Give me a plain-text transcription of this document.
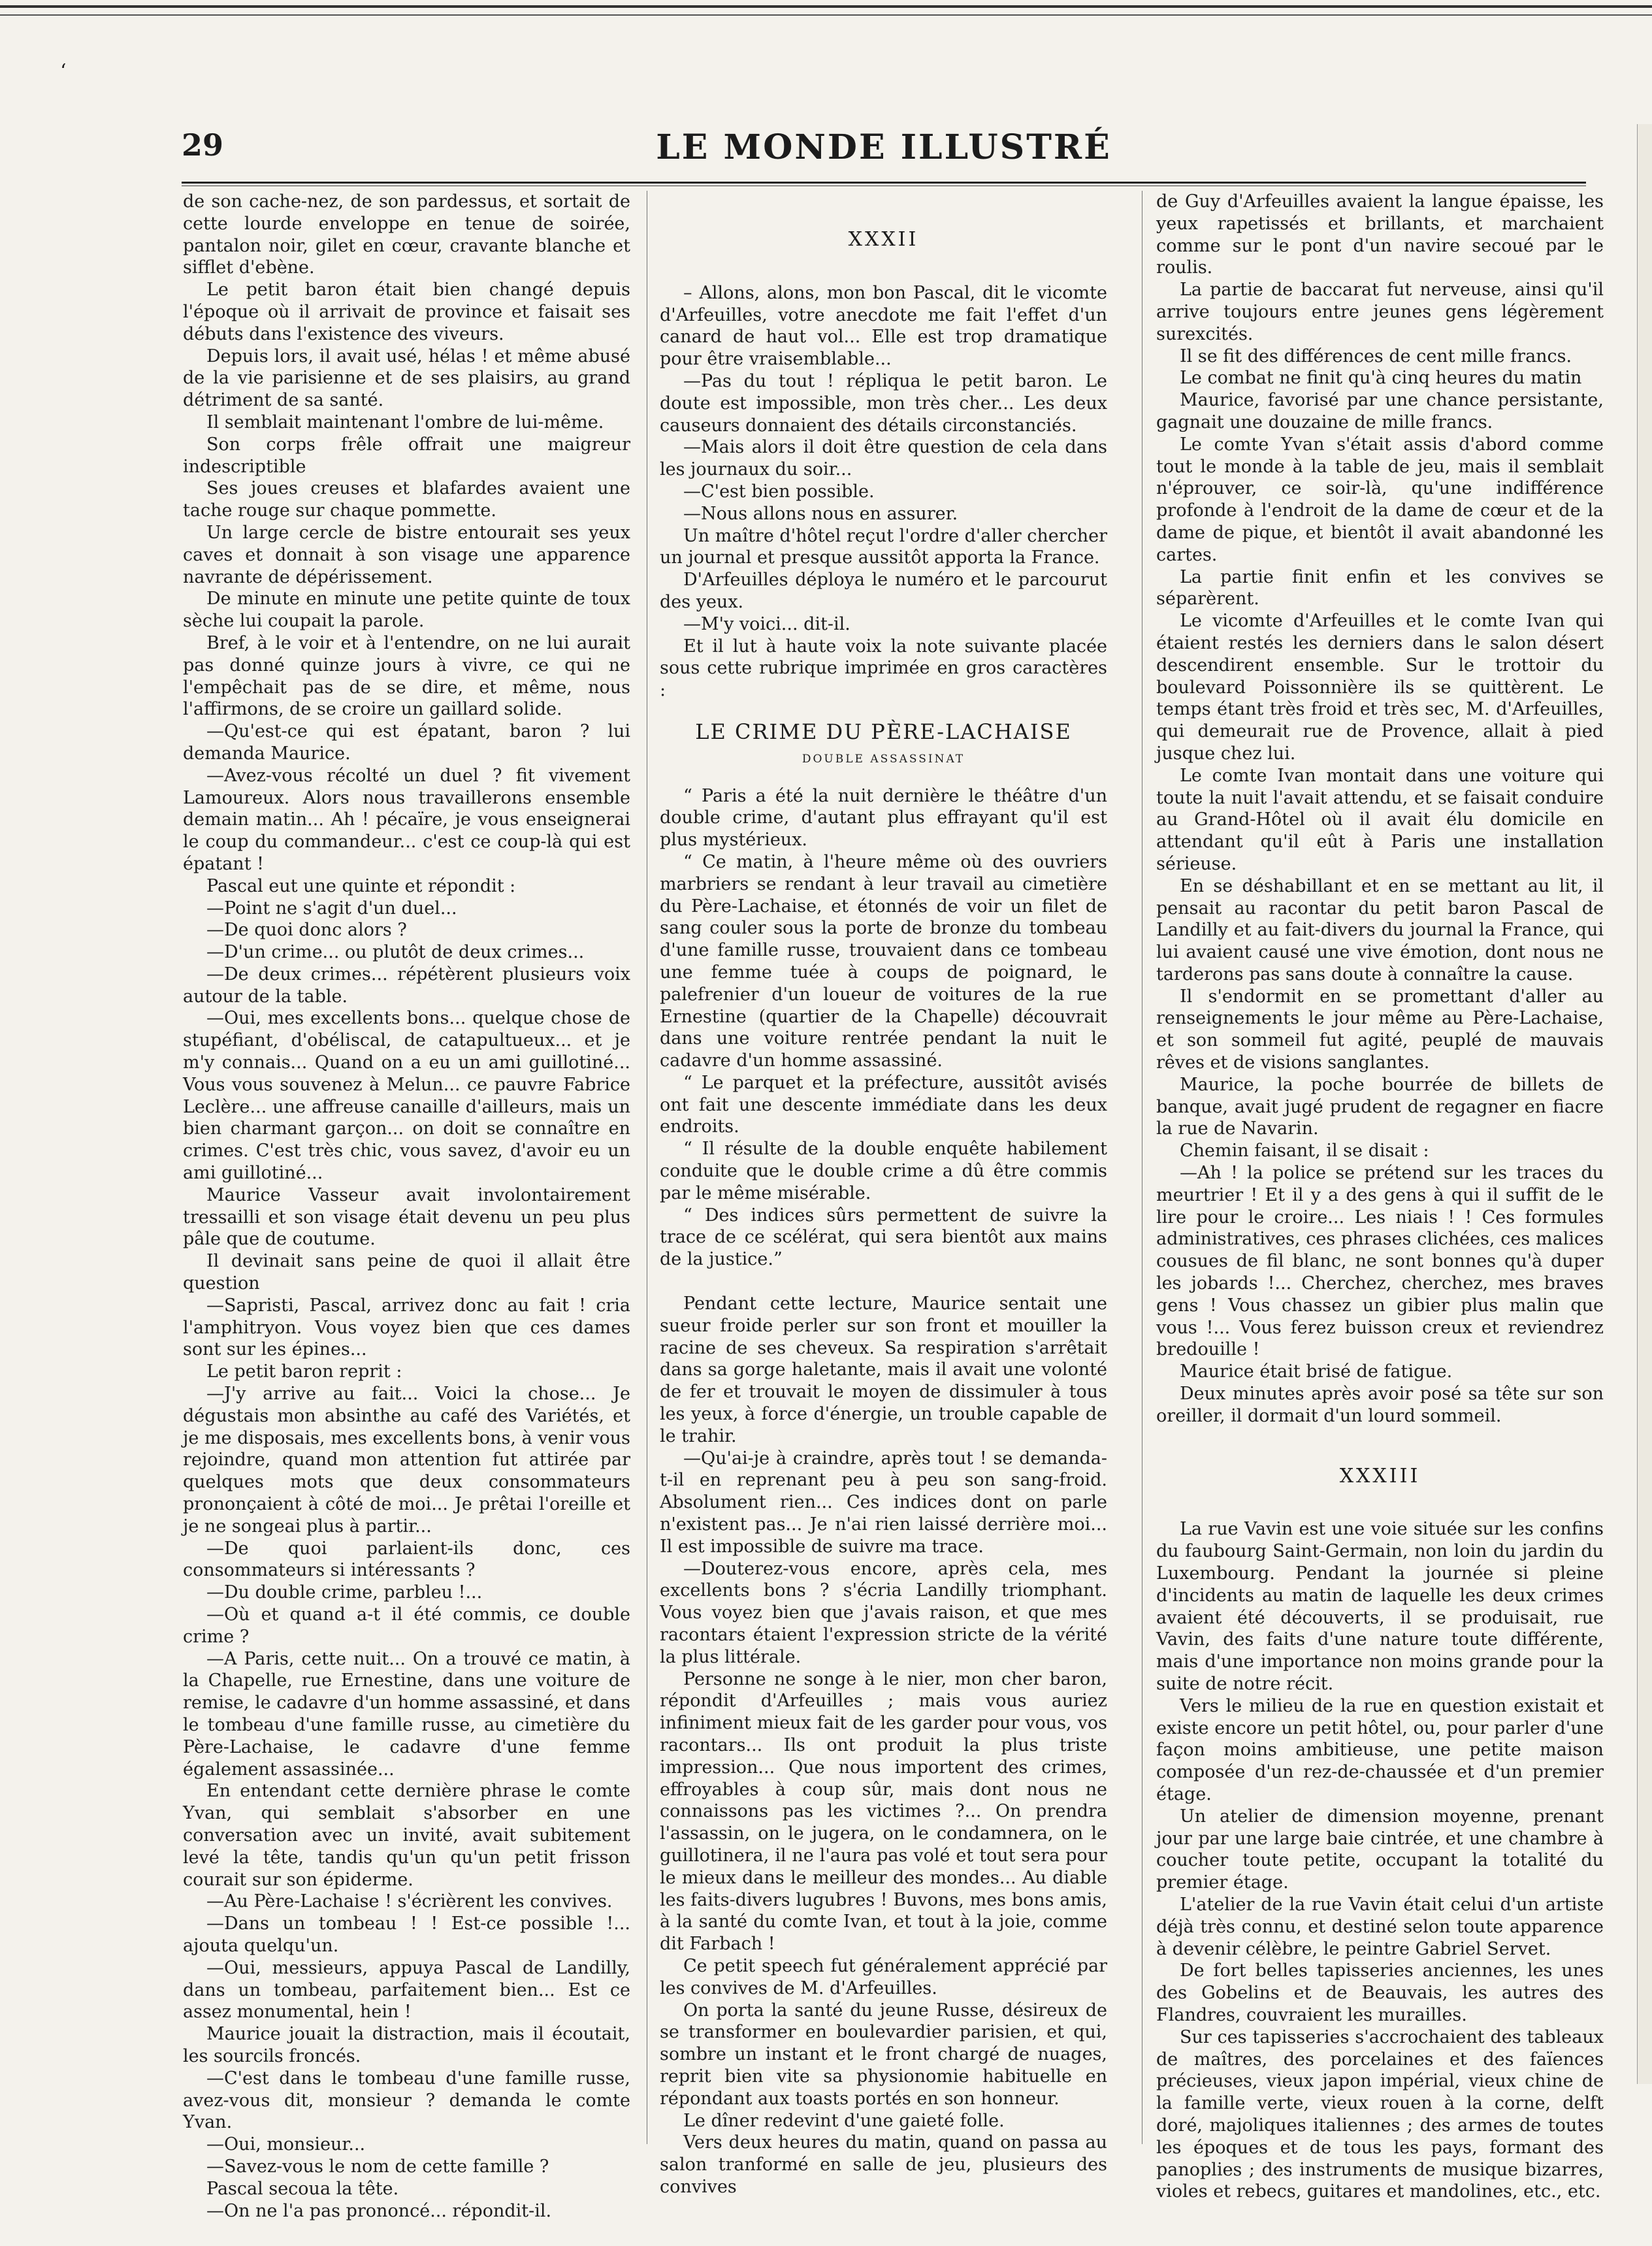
ʻ
29	LE MONDE ILLUSTRÉ

de son cache-nez, de son pardessus, et sortait de cette lourde enveloppe en tenue de soirée, pantalon noir, gilet en cœur, cravante blanche et sifflet d'ebène.

Le petit baron était bien changé depuis l'époque où il arrivait de province et faisait ses débuts dans l'existence des viveurs.

Depuis lors, il avait usé, hélas ! et même abusé de la vie parisienne et de ses plaisirs, au grand détriment de sa santé.

Il semblait maintenant l'ombre de lui-même.

Son corps frêle offrait une maigreur indescriptible

Ses joues creuses et blafardes avaient une tache rouge sur chaque pommette.

Un large cercle de bistre entourait ses yeux caves et donnait à son visage une apparence navrante de dépérissement.

De minute en minute une petite quinte de toux sèche lui coupait la parole.

Bref, à le voir et à l'entendre, on ne lui aurait pas donné quinze jours à vivre, ce qui ne l'empêchait pas de se dire, et même, nous l'affirmons, de se croire un gaillard solide.

—Qu'est-ce qui est épatant, baron ? lui demanda Maurice.

—Avez-vous récolté un duel ? fit vivement Lamoureux. Alors nous travaillerons ensemble demain matin... Ah ! pécaïre, je vous enseignerai le coup du commandeur... c'est ce coup-là qui est épatant !

Pascal eut une quinte et répondit :

—Point ne s'agit d'un duel...

—De quoi donc alors ?

—D'un crime... ou plutôt de deux crimes...

—De deux crimes... répétèrent plusieurs voix autour de la table.

—Oui, mes excellents bons... quelque chose de stupéfiant, d'obéliscal, de catapultueux... et je m'y connais... Quand on a eu un ami guillotiné... Vous vous souvenez à Melun... ce pauvre Fabrice Leclère... une affreuse canaille d'ailleurs, mais un bien charmant garçon... on doit se connaître en crimes. C'est très chic, vous savez, d'avoir eu un ami guillotiné...

Maurice Vasseur avait involontairement tressailli et son visage était devenu un peu plus pâle que de coutume.

Il devinait sans peine de quoi il allait être question

—Sapristi, Pascal, arrivez donc au fait ! cria l'amphitryon. Vous voyez bien que ces dames sont sur les épines...

Le petit baron reprit :

—J'y arrive au fait... Voici la chose... Je dégustais mon absinthe au café des Variétés, et je me disposais, mes excellents bons, à venir vous rejoindre, quand mon attention fut attirée par quelques mots que deux consommateurs prononçaient à côté de moi... Je prêtai l'oreille et je ne songeai plus à partir...

—De quoi parlaient-ils donc, ces consommateurs si intéressants ?

—Du double crime, parbleu !...

—Où et quand a-t il été commis, ce double crime ?

—A Paris, cette nuit... On a trouvé ce matin, à la Chapelle, rue Ernestine, dans une voiture de remise, le cadavre d'un homme assassiné, et dans le tombeau d'une famille russe, au cimetière du Père-Lachaise, le cadavre d'une femme également assassinée...

En entendant cette dernière phrase le comte Yvan, qui semblait s'absorber en une conversation avec un invité, avait subitement levé la tête, tandis qu'un qu'un petit frisson courait sur son épiderme.

—Au Père-Lachaise ! s'écrièrent les convives.

—Dans un tombeau ! ! Est-ce possible !... ajouta quelqu'un.

—Oui, messieurs, appuya Pascal de Landilly, dans un tombeau, parfaitement bien... Est ce assez monumental, hein !

Maurice jouait la distraction, mais il écoutait, les sourcils froncés.

—C'est dans le tombeau d'une famille russe, avez-vous dit, monsieur ? demanda le comte Yvan.

—Oui, monsieur...

—Savez-vous le nom de cette famille ?

Pascal secoua la tête.

—On ne l'a pas prononcé... répondit-il.

XXXII

– Allons, alons, mon bon Pascal, dit le vicomte d'Arfeuilles, votre anecdote me fait l'effet d'un canard de haut vol... Elle est trop dramatique pour être vraisemblable...

—Pas du tout ! répliqua le petit baron. Le doute est impossible, mon très cher... Les deux causeurs donnaient des détails circonstanciés.

—Mais alors il doit être question de cela dans les journaux du soir...

—C'est bien possible.

—Nous allons nous en assurer.

Un maître d'hôtel reçut l'ordre d'aller chercher un journal et presque aussitôt apporta la France.

D'Arfeuilles déploya le numéro et le parcourut des yeux.

—M'y voici... dit-il.

Et il lut à haute voix la note suivante placée sous cette rubrique imprimée en gros caractères :

LE CRIME DU PÈRE-LACHAISE
DOUBLE ASSASSINAT

“ Paris a été la nuit dernière le théâtre d'un double crime, d'autant plus effrayant qu'il est plus mystérieux.

“ Ce matin, à l'heure même où des ouvriers marbriers se rendant à leur travail au cimetière du Père-Lachaise, et étonnés de voir un filet de sang couler sous la porte de bronze du tombeau d'une famille russe, trouvaient dans ce tombeau une femme tuée à coups de poignard, le palefrenier d'un loueur de voitures de la rue Ernestine (quartier de la Chapelle) découvrait dans une voiture rentrée pendant la nuit le cadavre d'un homme assassiné.

“ Le parquet et la préfecture, aussitôt avisés ont fait une descente immédiate dans les deux endroits.

“ Il résulte de la double enquête habilement conduite que le double crime a dû être commis par le même misérable.

“ Des indices sûrs permettent de suivre la trace de ce scélérat, qui sera bientôt aux mains de la justice.”

Pendant cette lecture, Maurice sentait une sueur froide perler sur son front et mouiller la racine de ses cheveux. Sa respiration s'arrêtait dans sa gorge haletante, mais il avait une volonté de fer et trouvait le moyen de dissimuler à tous les yeux, à force d'énergie, un trouble capable de le trahir.

—Qu'ai-je à craindre, après tout ! se demanda-t-il en reprenant peu à peu son sang-froid. Absolument rien... Ces indices dont on parle n'existent pas... Je n'ai rien laissé derrière moi... Il est impossible de suivre ma trace.

—Douterez-vous encore, après cela, mes excellents bons ? s'écria Landilly triomphant. Vous voyez bien que j'avais raison, et que mes racontars étaient l'expression stricte de la vérité la plus littérale.

Personne ne songe à le nier, mon cher baron, répondit d'Arfeuilles ; mais vous auriez infiniment mieux fait de les garder pour vous, vos racontars... Ils ont produit la plus triste impression... Que nous importent des crimes, effroyables à coup sûr, mais dont nous ne connaissons pas les victimes ?... On prendra l'assassin, on le jugera, on le condamnera, on le guillotinera, il ne l'aura pas volé et tout sera pour le mieux dans le meilleur des mondes... Au diable les faits-divers lugubres ! Buvons, mes bons amis, à la santé du comte Ivan, et tout à la joie, comme dit Farbach !

Ce petit speech fut généralement apprécié par les convives de M. d'Arfeuilles.

On porta la santé du jeune Russe, désireux de se transformer en boulevardier parisien, et qui, sombre un instant et le front chargé de nuages, reprit bien vite sa physionomie habituelle en répondant aux toasts portés en son honneur.

Le dîner redevint d'une gaieté folle.

Vers deux heures du matin, quand on passa au salon tranformé en salle de jeu, plusieurs des convives

de Guy d'Arfeuilles avaient la langue épaisse, les yeux rapetissés et brillants, et marchaient comme sur le pont d'un navire secoué par le roulis.

La partie de baccarat fut nerveuse, ainsi qu'il arrive toujours entre jeunes gens légèrement surexcités.

Il se fit des différences de cent mille francs.

Le combat ne finit qu'à cinq heures du matin

Maurice, favorisé par une chance persistante, gagnait une douzaine de mille francs.

Le comte Yvan s'était assis d'abord comme tout le monde à la table de jeu, mais il semblait n'éprouver, ce soir-là, qu'une indifférence profonde à l'endroit de la dame de cœur et de la dame de pique, et bientôt il avait abandonné les cartes.

La partie finit enfin et les convives se séparèrent.

Le vicomte d'Arfeuilles et le comte Ivan qui étaient restés les derniers dans le salon désert descendirent ensemble. Sur le trottoir du boulevard Poissonnière ils se quittèrent. Le temps étant très froid et très sec, M. d'Arfeuilles, qui demeurait rue de Provence, allait à pied jusque chez lui.

Le comte Ivan montait dans une voiture qui toute la nuit l'avait attendu, et se faisait conduire au Grand-Hôtel où il avait élu domicile en attendant qu'il eût à Paris une installation sérieuse.

En se déshabillant et en se mettant au lit, il pensait au racontar du petit baron Pascal de Landilly et au fait-divers du journal la France, qui lui avaient causé une vive émotion, dont nous ne tarderons pas sans doute à connaître la cause.

Il s'endormit en se promettant d'aller au renseignements le jour même au Père-Lachaise, et son sommeil fut agité, peuplé de mauvais rêves et de visions sanglantes.

Maurice, la poche bourrée de billets de banque, avait jugé prudent de regagner en fiacre la rue de Navarin.

Chemin faisant, il se disait :

—Ah ! la police se prétend sur les traces du meurtrier ! Et il y a des gens à qui il suffit de le lire pour le croire... Les niais ! ! Ces formules administratives, ces phrases clichées, ces malices cousues de fil blanc, ne sont bonnes qu'à duper les jobards !... Cherchez, cherchez, mes braves gens ! Vous chassez un gibier plus malin que vous !... Vous ferez buisson creux et reviendrez bredouille !

Maurice était brisé de fatigue.

Deux minutes après avoir posé sa tête sur son oreiller, il dormait d'un lourd sommeil.

XXXIII

La rue Vavin est une voie située sur les confins du faubourg Saint-Germain, non loin du jardin du Luxembourg. Pendant la journée si pleine d'incidents au matin de laquelle les deux crimes avaient été découverts, il se produisait, rue Vavin, des faits d'une nature toute différente, mais d'une importance non moins grande pour la suite de notre récit.

Vers le milieu de la rue en question existait et existe encore un petit hôtel, ou, pour parler d'une façon moins ambitieuse, une petite maison composée d'un rez-de-chaussée et d'un premier étage.

Un atelier de dimension moyenne, prenant jour par une large baie cintrée, et une chambre à coucher toute petite, occupant la totalité du premier étage.

L'atelier de la rue Vavin était celui d'un artiste déjà très connu, et destiné selon toute apparence à devenir célèbre, le peintre Gabriel Servet.

De fort belles tapisseries anciennes, les unes des Gobelins et de Beauvais, les autres des Flandres, couvraient les murailles.

Sur ces tapisseries s'accrochaient des tableaux de maîtres, des porcelaines et des faïences précieuses, vieux japon impérial, vieux chine de la famille verte, vieux rouen à la corne, delft doré, majoliques italiennes ; des armes de toutes les époques et de tous les pays, formant des panoplies ; des instruments de musique bizarres, violes et rebecs, guitares et mandolines, etc., etc.
